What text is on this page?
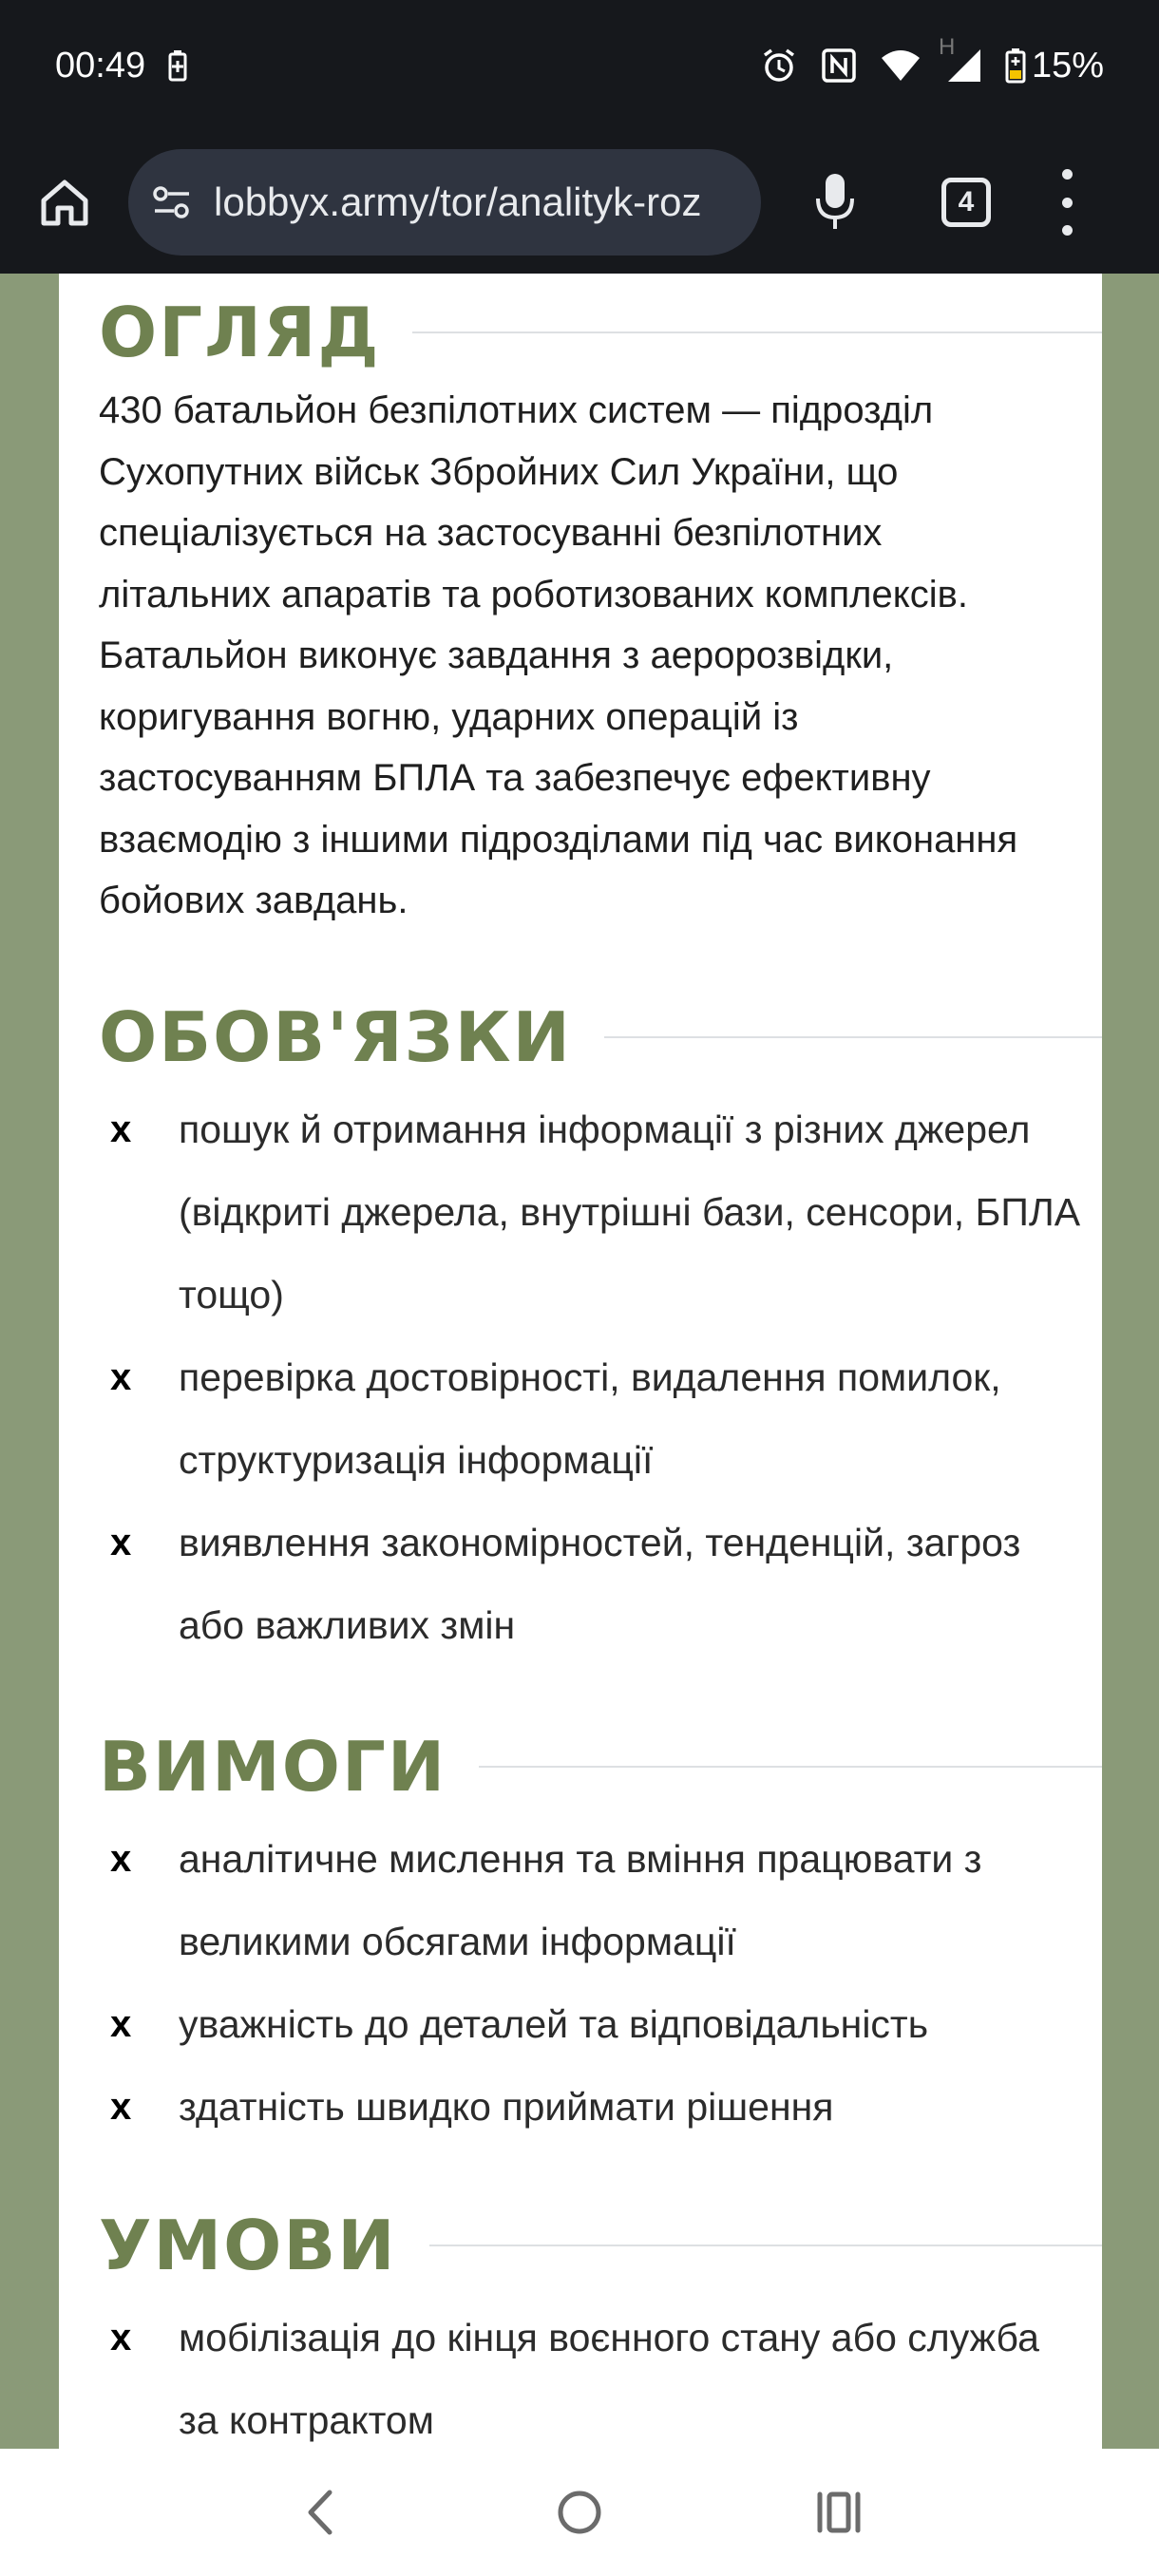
00:49	H 15%
lobbyx.army/tor/analityk-roz	4
ОГЛЯД

430 батальйон безпілотних систем — підрозділ Сухопутних військ Збройних Сил України, що спеціалізується на застосуванні безпілотних літальних апаратів та роботизованих комплексів. Батальйон виконує завдання з аеророзвідки, коригування вогню, ударних операцій із застосуванням БПЛА та забезпечує ефективну взаємодію з іншими підрозділами під час виконання бойових завдань.

ОБОВ'ЯЗКИ
x	пошук й отримання інформації з різних джерел (відкриті джерела, внутрішні бази, сенсори, БПЛА тощо)
x	перевірка достовірності, видалення помилок, структуризація інформації
x	виявлення закономірностей, тенденцій, загроз або важливих змін
ВИМОГИ
x	аналітичне мислення та вміння працювати з великими обсягами інформації
x	уважність до деталей та відповідальність
x	здатність швидко приймати рішення
УМОВИ
x	мобілізація до кінця воєнного стану або служба за контрактом
